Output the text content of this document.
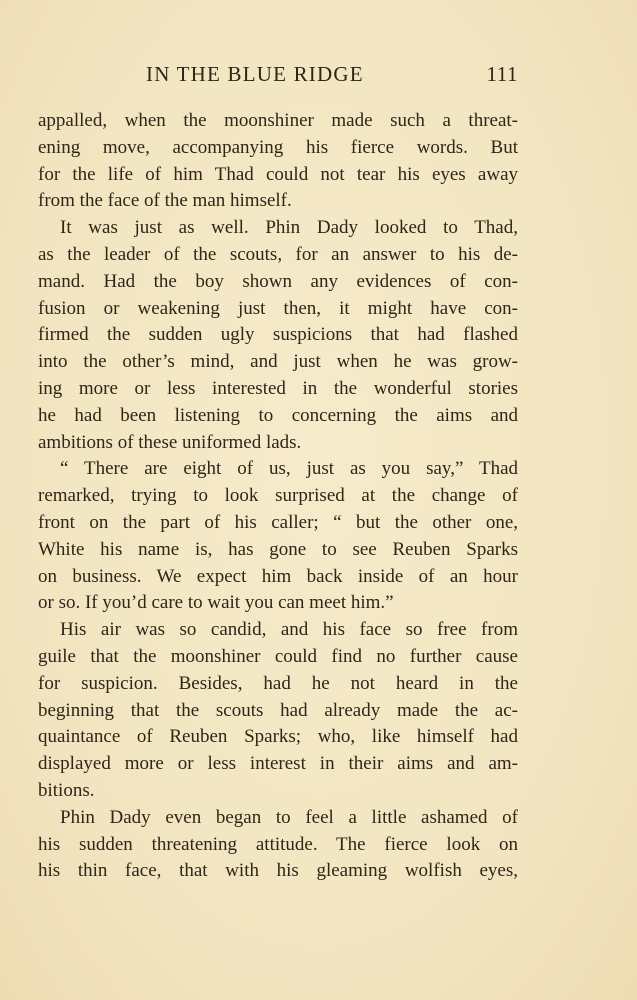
IN THE BLUE RIDGE	111
appalled, when the moonshiner made such a threat-
ening move, accompanying his fierce words. But
for the life of him Thad could not tear his eyes away
from the face of the man himself.
It was just as well. Phin Dady looked to Thad,
as the leader of the scouts, for an answer to his de-
mand. Had the boy shown any evidences of con-
fusion or weakening just then, it might have con-
firmed the sudden ugly suspicions that had flashed
into the other’s mind, and just when he was grow-
ing more or less interested in the wonderful stories
he had been listening to concerning the aims and
ambitions of these uniformed lads.
“ There are eight of us, just as you say,” Thad
remarked, trying to look surprised at the change of
front on the part of his caller; “ but the other one,
White his name is, has gone to see Reuben Sparks
on business. We expect him back inside of an hour
or so. If you’d care to wait you can meet him.”
His air was so candid, and his face so free from
guile that the moonshiner could find no further cause
for suspicion. Besides, had he not heard in the
beginning that the scouts had already made the ac-
quaintance of Reuben Sparks; who, like himself had
displayed more or less interest in their aims and am-
bitions.
Phin Dady even began to feel a little ashamed of
his sudden threatening attitude. The fierce look on
his thin face, that with his gleaming wolfish eyes,
